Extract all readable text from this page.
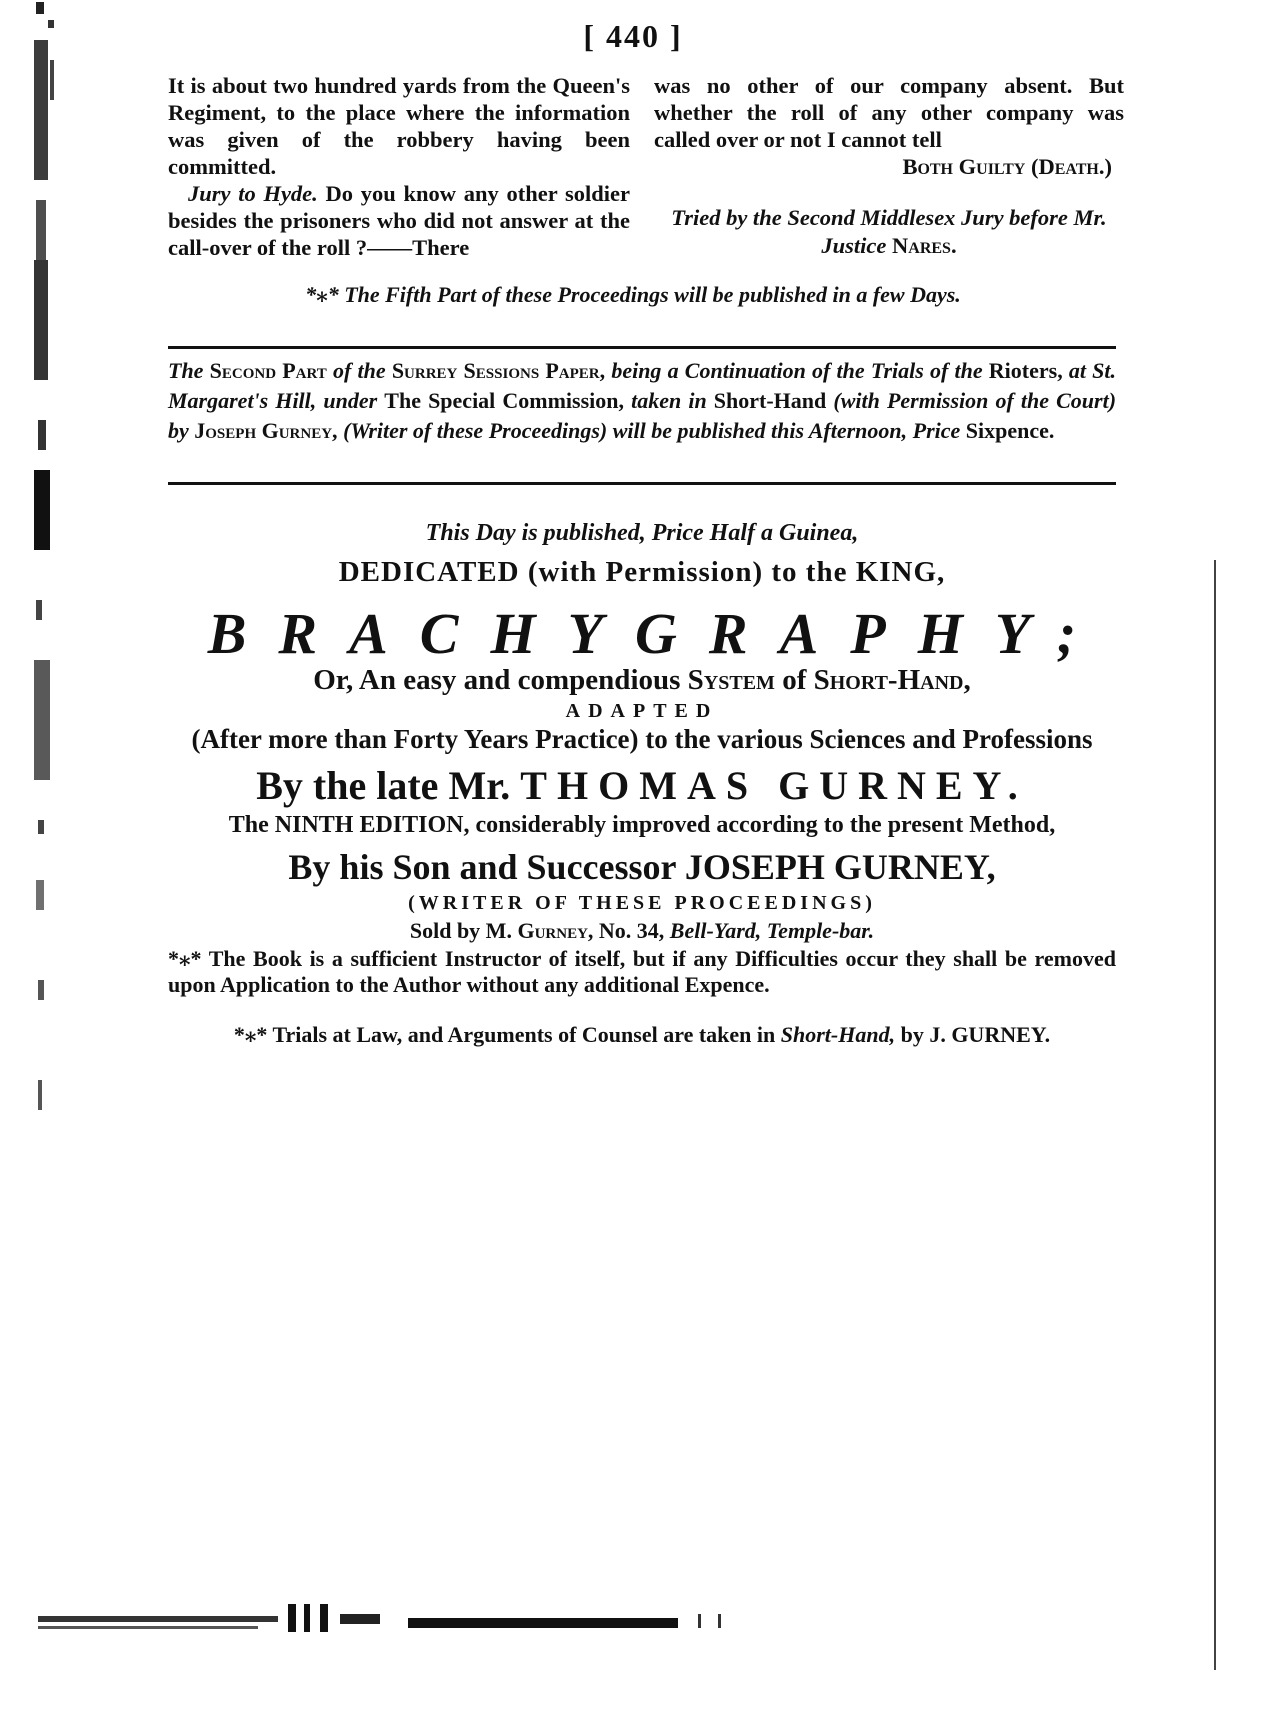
[ 440 ]

It is about two hundred yards from the Queen's Regiment, to the place where the information was given of the robbery having been committed.

Jury to Hyde. Do you know any other soldier besides the prisoners who did not answer at the call-over of the roll ?——There

was no other of our company absent. But whether the roll of any other company was called over or not I cannot tell

Both Guilty (Death.)

Tried by the Second Middlesex Jury before Mr.
Justice Nares.

*⁎* The Fifth Part of these Proceedings will be published in a few Days.
The Second Part of the Surrey Sessions Paper, being a Continuation of the Trials of the Rioters, at St. Margaret's Hill, under The Special Commission, taken in Short-Hand (with Permission of the Court) by Joseph Gurney, (Writer of these Proceedings) will be published this Afternoon, Price Sixpence.
This Day is published, Price Half a Guinea,
DEDICATED (with Permission) to the KING,
BRACHYGRAPHY;
Or, An easy and compendious System of Short-Hand,
ADAPTED
(After more than Forty Years Practice) to the various Sciences and Professions
By the late Mr. THOMAS GURNEY.
The NINTH EDITION, considerably improved according to the present Method,
By his Son and Successor JOSEPH GURNEY,
(WRITER OF THESE PROCEEDINGS)
Sold by M. Gurney, No. 34, Bell-Yard, Temple-bar.
*⁎* The Book is a sufficient Instructor of itself, but if any Difficulties occur they shall be removed upon Application to the Author without any additional Expence.
*⁎* Trials at Law, and Arguments of Counsel are taken in Short-Hand, by J. GURNEY.
